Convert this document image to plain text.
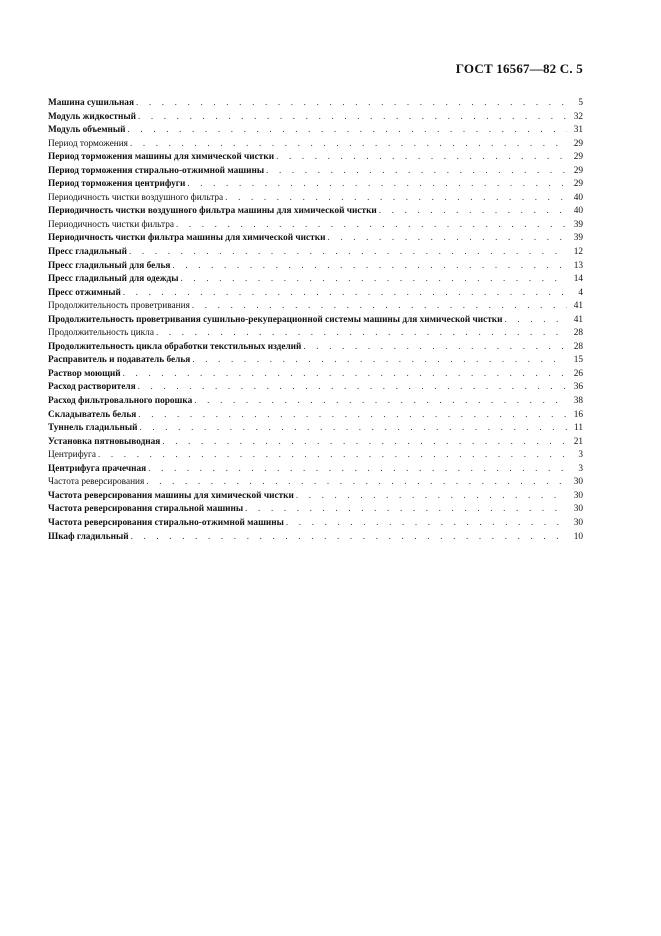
ГОСТ 16567—82 С. 5
Машина сушильная . . .	5
Модуль жидкостный . . .	32
Модуль объемный . . .	31
Период торможения . . .	29
Период торможения машины для химической чистки . . .	29
Период торможения стирально-отжимной машины . . .	29
Период торможения центрифуги . . .	29
Периодичность чистки воздушного фильтра . . .	40
Периодичность чистки воздушного фильтра машины для химической чистки . . .	40
Периодичность чистки фильтра . . .	39
Периодичность чистки фильтра машины для химической чистки . . .	39
Пресс гладильный . . .	12
Пресс гладильный для белья . . .	13
Пресс гладильный для одежды . . .	14
Пресс отжимный . . .	4
Продолжительность проветривания . . .	41
Продолжительность проветривания сушильно-рекуперационной системы машины для химической чистки . . .	41
Продолжительность цикла . . .	28
Продолжительность цикла обработки текстильных изделий . . .	28
Расправитель и подаватель белья . . .	15
Раствор моющий . . .	26
Расход растворителя . . .	36
Расход фильтровального порошка . . .	38
Складыватель белья . . .	16
Туннель гладильный . . .	11
Установка пятновыводная . . .	21
Центрифуга . . .	3
Центрифуга прачечная . . .	3
Частота реверсирования . . .	30
Частота реверсирования машины для химической чистки . . .	30
Частота реверсирования стиральной машины . . .	30
Частота реверсирования стирально-отжимной машины . . .	30
Шкаф гладильный . . .	10
